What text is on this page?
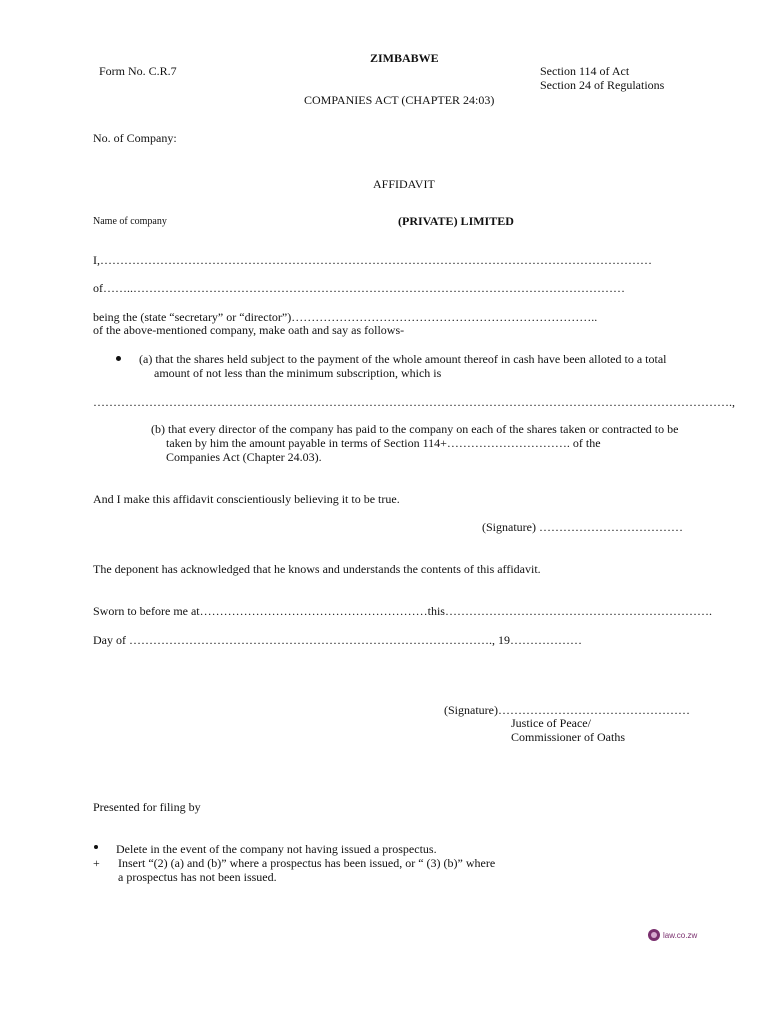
ZIMBABWE
Form No. C.R.7	Section 114 of Act
Section 24 of Regulations
COMPANIES ACT (CHAPTER 24:03)
No. of Company:
AFFIDAVIT
Name of company	(PRIVATE) LIMITED
I,…………………………………………………………………………………………………………………………
of……..……………………………………………………………………………………………………………
being the (state “secretary” or “director”)…………………………………………………………………..
of the above-mentioned company, make oath and say as follows-
(a) that the shares held subject to the payment of the whole amount thereof in cash have been alloted to a total
amount of not less than the minimum subscription, which is
…………………………………………………………………………………………………………………………………………….,
(b) that every director of the company has paid to the company on each of the shares taken or contracted to be
taken by him the amount payable in terms of Section 114+…………………………. of the
Companies Act (Chapter 24.03).
And I make this affidavit conscientiously believing it to be true.
(Signature) ………………………………
The deponent has acknowledged that he knows and understands the contents of this affidavit.
Sworn to before me at…………………………………………………this………………………………………………………….
Day of ………………………………………………………………………………., 19………………
(Signature)…………………………………………
Justice of Peace/
Commissioner of Oaths
Presented for filing by
Delete in the event of the company not having issued a prospectus.
+ Insert “(2) (a) and (b)” where a prospectus has been issued, or “ (3) (b)” where
a prospectus has not been issued.
law.co.zw
